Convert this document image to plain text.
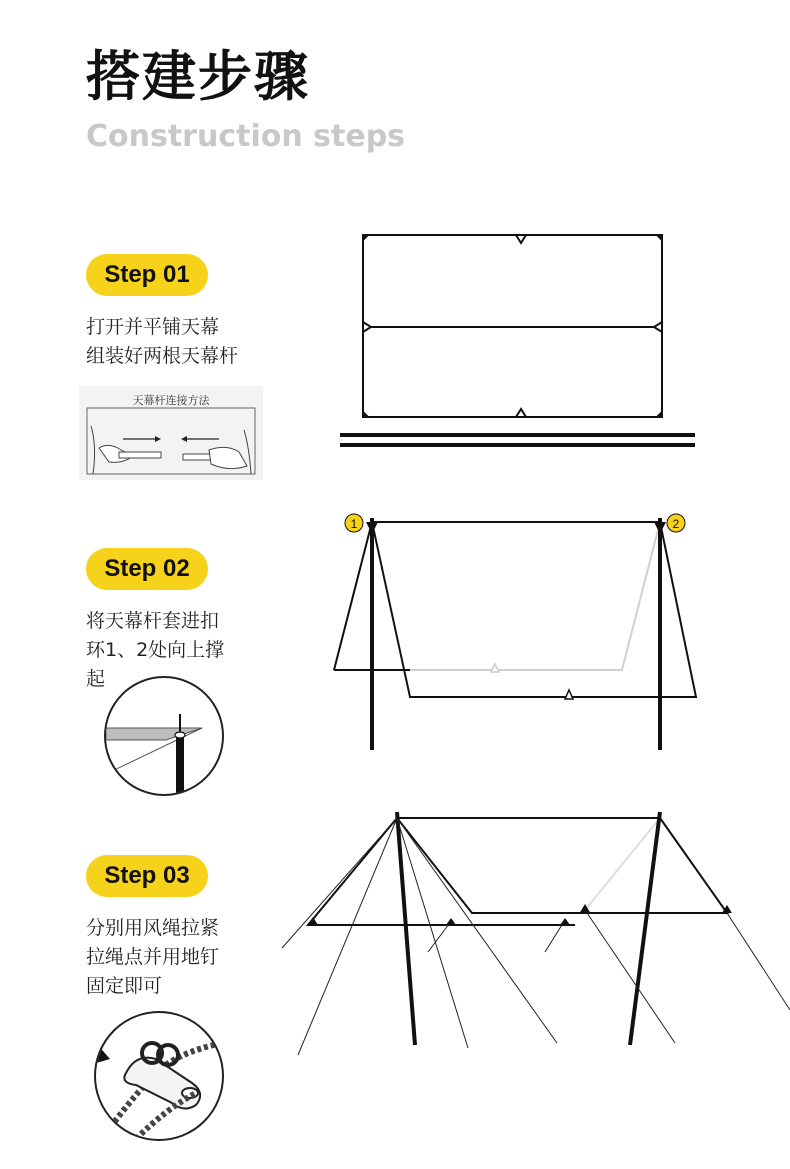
搭建步骤
Construction steps
Step 01
打开并平铺天幕
组装好两根天幕杆
天幕杆连接方法
Step 02
将天幕杆套进扣
环1、2处向上撑
起
Step 03
分别用风绳拉紧
拉绳点并用地钉
固定即可
1	2
